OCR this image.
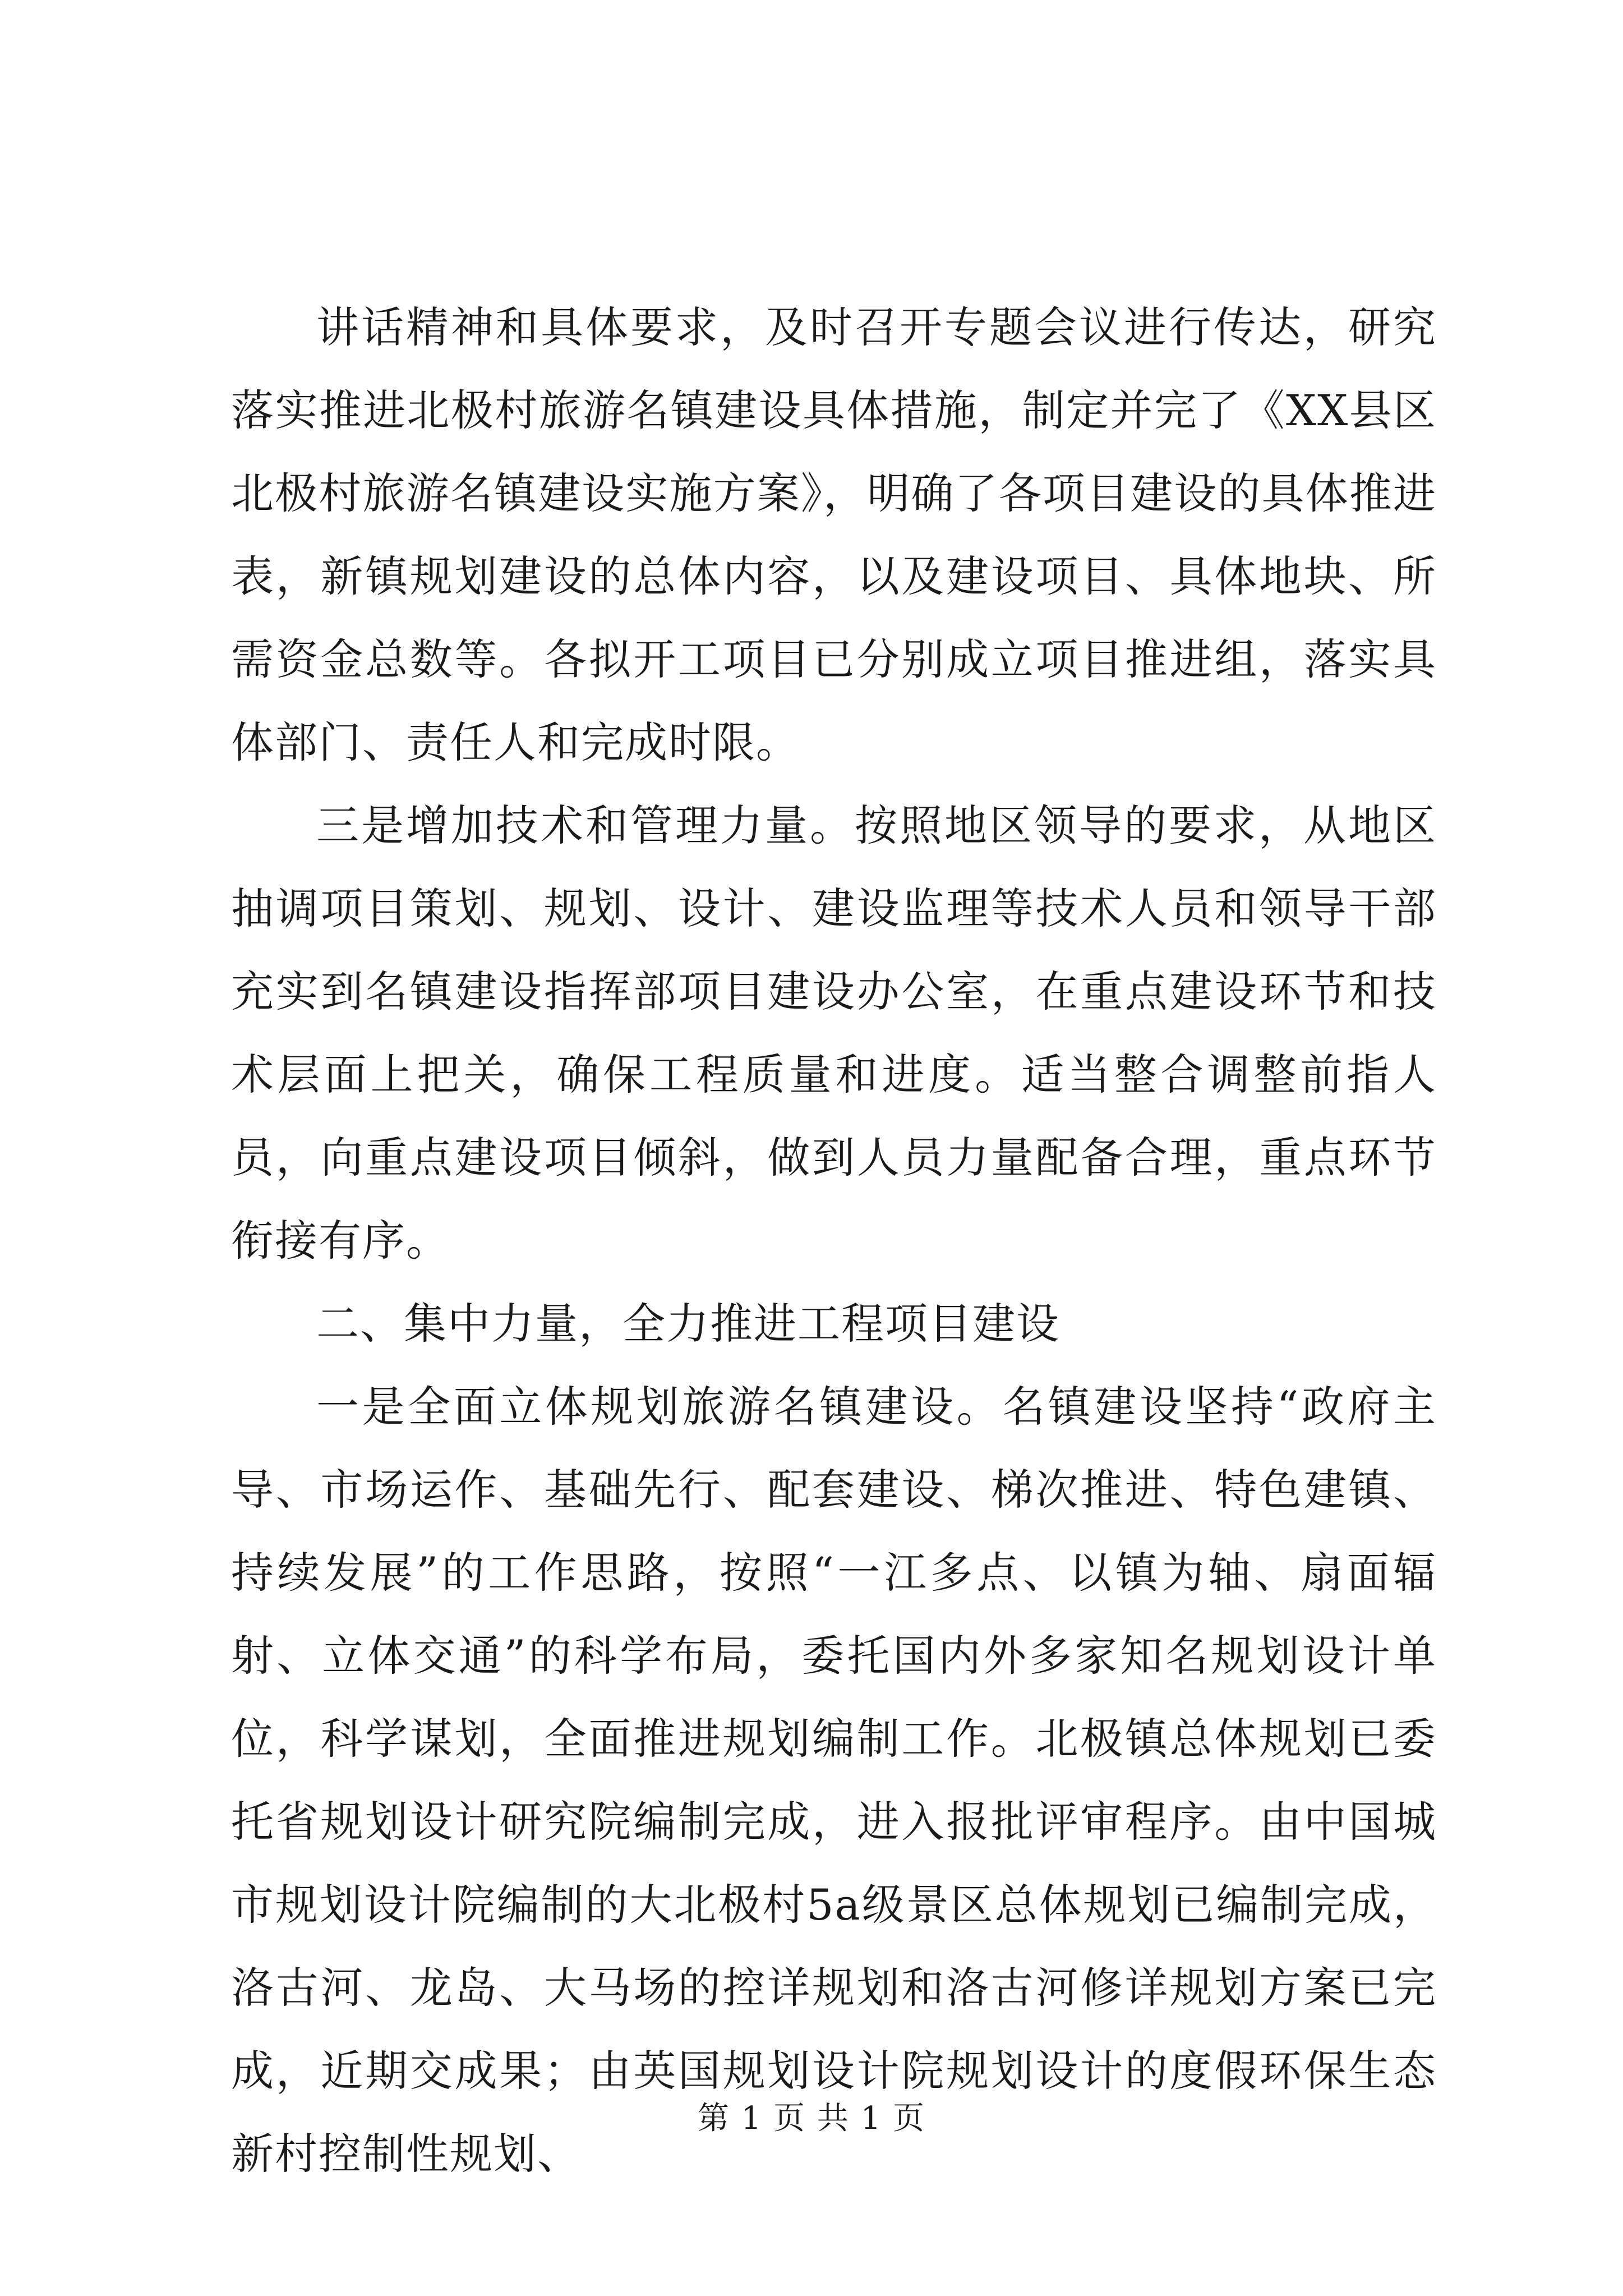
讲话精神和具体要求，及时召开专题会议进行传达，研究落实推进北极村旅游名镇建设具体措施，制定并完了《XX县区北极村旅游名镇建设实施方案》，明确了各项目建设的具体推进表，新镇规划建设的总体内容，以及建设项目、具体地块、所需资金总数等。各拟开工项目已分别成立项目推进组，落实具体部门、责任人和完成时限。

三是增加技术和管理力量。按照地区领导的要求，从地区抽调项目策划、规划、设计、建设监理等技术人员和领导干部充实到名镇建设指挥部项目建设办公室，在重点建设环节和技术层面上把关，确保工程质量和进度。适当整合调整前指人员，向重点建设项目倾斜，做到人员力量配备合理，重点环节衔接有序。

二、集中力量，全力推进工程项目建设

一是全面立体规划旅游名镇建设。名镇建设坚持“政府主导、市场运作、基础先行、配套建设、梯次推进、特色建镇、持续发展”的工作思路，按照“一江多点、以镇为轴、扇面辐射、立体交通”的科学布局，委托国内外多家知名规划设计单位，科学谋划，全面推进规划编制工作。北极镇总体规划已委托省规划设计研究院编制完成，进入报批评审程序。由中国城市规划设计院编制的大北极村5a级景区总体规划已编制完成，洛古河、龙岛、大马场的控详规划和洛古河修详规划方案已完成，近期交成果；由英国规划设计院规划设计的度假环保生态新村控制性规划、

第 1 页 共 1 页
